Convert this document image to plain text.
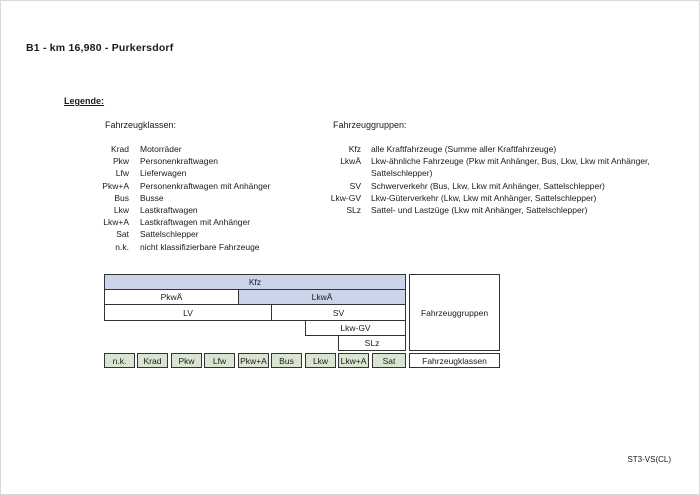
B1 - km 16,980 - Purkersdorf
Legende:
Fahrzeugklassen:	Fahrzeuggruppen:
Krad Motorräder
Pkw Personenkraftwagen
Lfw Lieferwagen
Pkw+A Personenkraftwagen mit Anhänger
Bus Busse
Lkw Lastkraftwagen
Lkw+A Lastkraftwagen mit Anhänger
Sat Sattelschlepper
n.k. nicht klassifizierbare Fahrzeuge
Kfz alle Kraftfahrzeuge (Summe aller Kraftfahrzeuge)
LkwÄ Lkw-ähnliche Fahrzeuge (Pkw mit Anhänger, Bus, Lkw, Lkw mit Anhänger,
Sattelschlepper)
SV Schwerverkehr (Bus, Lkw, Lkw mit Anhänger, Sattelschlepper)
Lkw-GV Lkw-Güterverkehr (Lkw, Lkw mit Anhänger, Sattelschlepper)
SLz Sattel- und Lastzüge (Lkw mit Anhänger, Sattelschlepper)
Kfz
PkwÄ	LkwÄ
LV	SV
Lkw-GV
SLz
n.k.	Krad	Pkw	Lfw	Pkw+A	Bus	Lkw	Lkw+A	Sat
Fahrzeuggruppen
Fahrzeugklassen
ST3-VS(CL)
